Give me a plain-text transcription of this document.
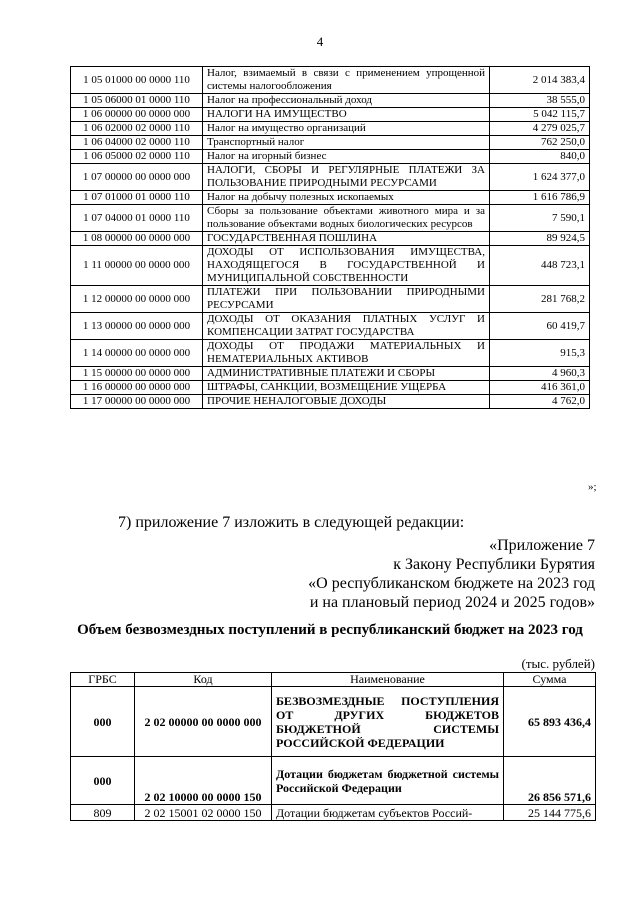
4
1 05 01000 00 0000 110	Налог, взимаемый в связи с применением упрощенной системы налогообложения	2 014 383,4
1 05 06000 01 0000 110	Налог на профессиональный доход	38 555,0
1 06 00000 00 0000 000	НАЛОГИ НА ИМУЩЕСТВО	5 042 115,7
1 06 02000 02 0000 110	Налог на имущество организаций	4 279 025,7
1 06 04000 02 0000 110	Транспортный налог	762 250,0
1 06 05000 02 0000 110	Налог на игорный бизнес	840,0
1 07 00000 00 0000 000	НАЛОГИ, СБОРЫ И РЕГУЛЯРНЫЕ ПЛАТЕЖИ ЗА ПОЛЬЗОВАНИЕ ПРИРОДНЫМИ РЕСУРСАМИ	1 624 377,0
1 07 01000 01 0000 110	Налог на добычу полезных ископаемых	1 616 786,9
1 07 04000 01 0000 110	Сборы за пользование объектами животного мира и за пользование объектами водных биологических ресурсов	7 590,1
1 08 00000 00 0000 000	ГОСУДАРСТВЕННАЯ ПОШЛИНА	89 924,5
1 11 00000 00 0000 000	ДОХОДЫ ОТ ИСПОЛЬЗОВАНИЯ ИМУЩЕСТВА, НАХОДЯЩЕГОСЯ В ГОСУДАРСТВЕННОЙ И МУНИЦИПАЛЬНОЙ СОБСТВЕННОСТИ	448 723,1
1 12 00000 00 0000 000	ПЛАТЕЖИ ПРИ ПОЛЬЗОВАНИИ ПРИРОДНЫМИ РЕСУРСАМИ	281 768,2
1 13 00000 00 0000 000	ДОХОДЫ ОТ ОКАЗАНИЯ ПЛАТНЫХ УСЛУГ И КОМПЕНСАЦИИ ЗАТРАТ ГОСУДАРСТВА	60 419,7
1 14 00000 00 0000 000	ДОХОДЫ ОТ ПРОДАЖИ МАТЕРИАЛЬНЫХ И НЕМАТЕРИАЛЬНЫХ АКТИВОВ	915,3
1 15 00000 00 0000 000	АДМИНИСТРАТИВНЫЕ ПЛАТЕЖИ И СБОРЫ	4 960,3
1 16 00000 00 0000 000	ШТРАФЫ, САНКЦИИ, ВОЗМЕЩЕНИЕ УЩЕРБА	416 361,0
1 17 00000 00 0000 000	ПРОЧИЕ НЕНАЛОГОВЫЕ ДОХОДЫ	4 762,0
»;
7) приложение 7 изложить в следующей редакции:
«Приложение 7
к Закону Республики Бурятия
«О республиканском бюджете на 2023 год
и на плановый период 2024 и 2025 годов»
Объем безвозмездных поступлений в республиканский бюджет на 2023 год
(тыс. рублей)
ГРБС	Код	Наименование	Сумма
000	2 02 00000 00 0000 000	БЕЗВОЗМЕЗДНЫЕ ПОСТУПЛЕНИЯ ОТ ДРУГИХ БЮДЖЕТОВ БЮДЖЕТНОЙ СИСТЕМЫ РОССИЙСКОЙ ФЕДЕРАЦИИ	65 893 436,4
000	2 02 10000 00 0000 150	Дотации бюджетам бюджетной системы Российской Федерации	26 856 571,6
809	2 02 15001 02 0000 150	Дотации бюджетам субъектов Россий-	25 144 775,6
